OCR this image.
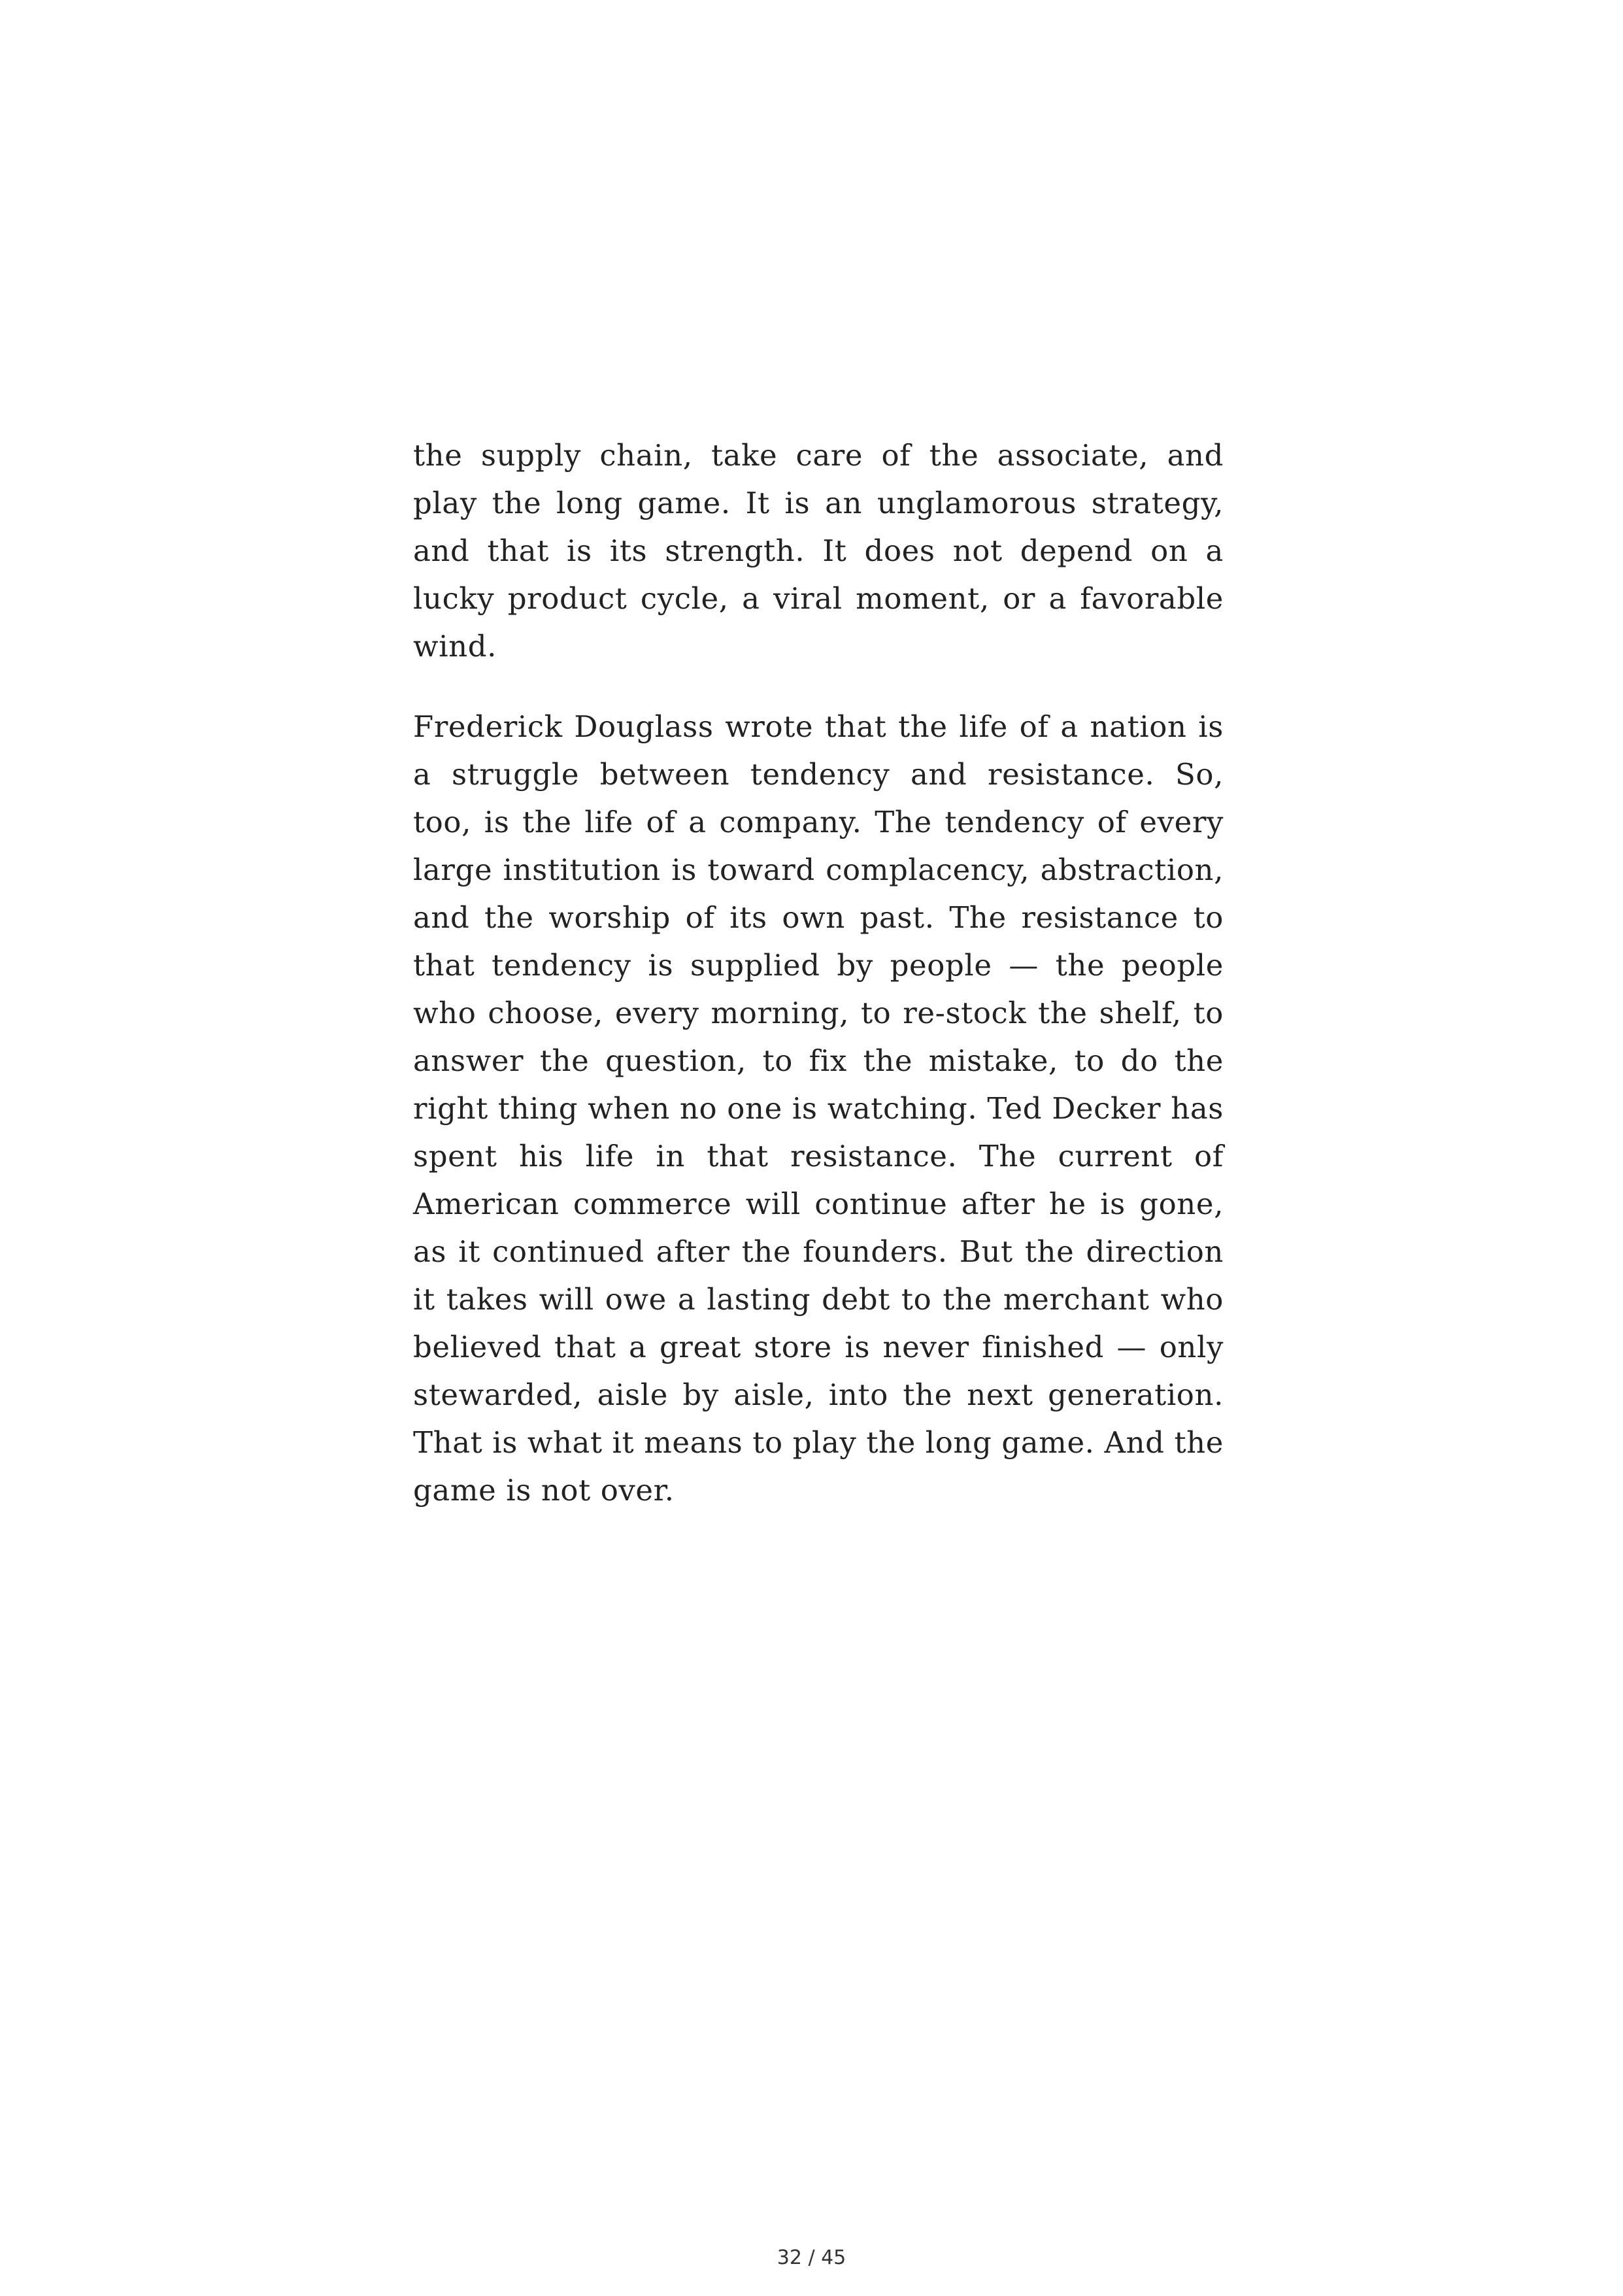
the supply chain, take care of the associate, and play the long game. It is an unglamorous strategy, and that is its strength. It does not depend on a lucky product cycle, a viral moment, or a favorable wind.

Frederick Douglass wrote that the life of a nation is a struggle between tendency and resistance. So, too, is the life of a company. The tendency of every large institution is toward complacency, abstraction, and the worship of its own past. The resistance to that tendency is supplied by people — the people who choose, every morning, to re-stock the shelf, to answer the question, to fix the mistake, to do the right thing when no one is watching. Ted Decker has spent his life in that resistance. The current of American commerce will continue after he is gone, as it continued after the founders. But the direction it takes will owe a lasting debt to the merchant who believed that a great store is never finished — only stewarded, aisle by aisle, into the next generation. That is what it means to play the long game. And the game is not over.

32 / 45
